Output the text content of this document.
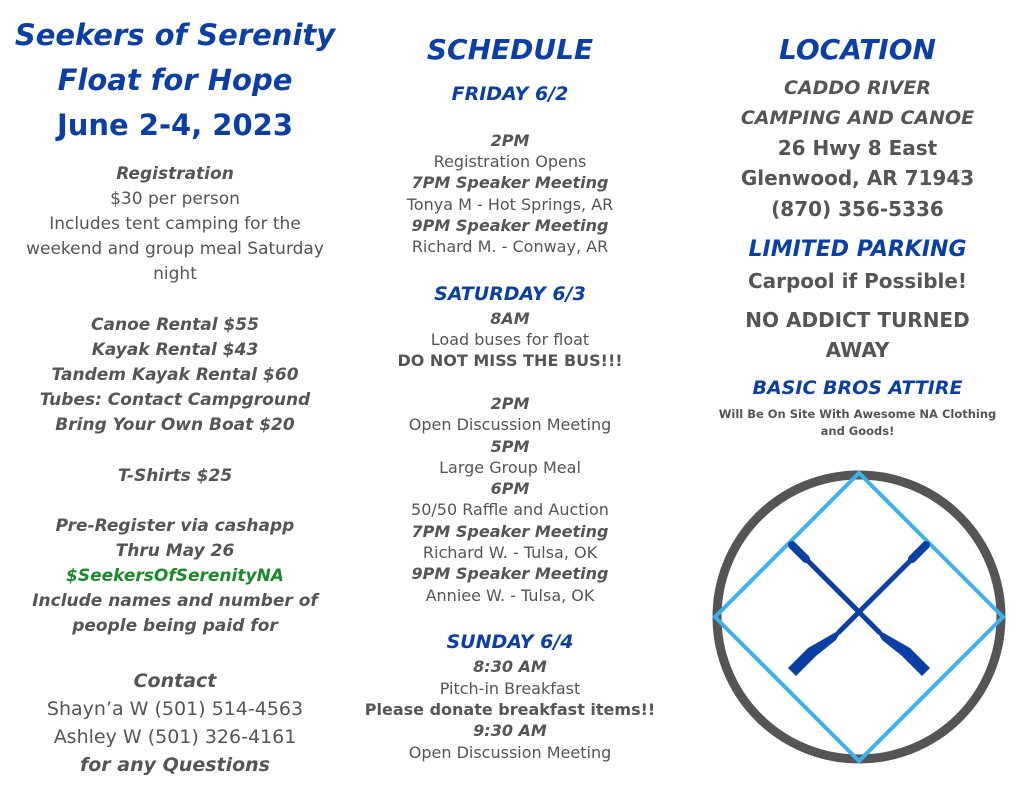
Seekers of Serenity
Float for Hope
June 2-4, 2023
Registration
$30 per person
Includes tent camping for the
weekend and group meal Saturday
night
Canoe Rental $55
Kayak Rental $43
Tandem Kayak Rental $60
Tubes: Contact Campground
Bring Your Own Boat $20
T-Shirts $25
Pre-Register via cashapp
Thru May 26
$SeekersOfSerenityNA
Include names and number of
people being paid for
Contact
Shayn’a W (501) 514-4563
Ashley W (501) 326-4161
for any Questions
SCHEDULE
FRIDAY 6/2
2PM
Registration Opens
7PM Speaker Meeting
Tonya M - Hot Springs, AR
9PM Speaker Meeting
Richard M. - Conway, AR
SATURDAY 6/3
8AM
Load buses for float
DO NOT MISS THE BUS!!!
2PM
Open Discussion Meeting
5PM
Large Group Meal
6PM
50/50 Raffle and Auction
7PM Speaker Meeting
Richard W. - Tulsa, OK
9PM Speaker Meeting
Anniee W. - Tulsa, OK
SUNDAY 6/4
8:30 AM
Pitch-in Breakfast
Please donate breakfast items!!
9:30 AM
Open Discussion Meeting
LOCATION
CADDO RIVER
CAMPING AND CANOE
26 Hwy 8 East
Glenwood, AR 71943
(870) 356-5336
LIMITED PARKING
Carpool if Possible!
NO ADDICT TURNED
AWAY
BASIC BROS ATTIRE
Will Be On Site With Awesome NA Clothing
and Goods!
